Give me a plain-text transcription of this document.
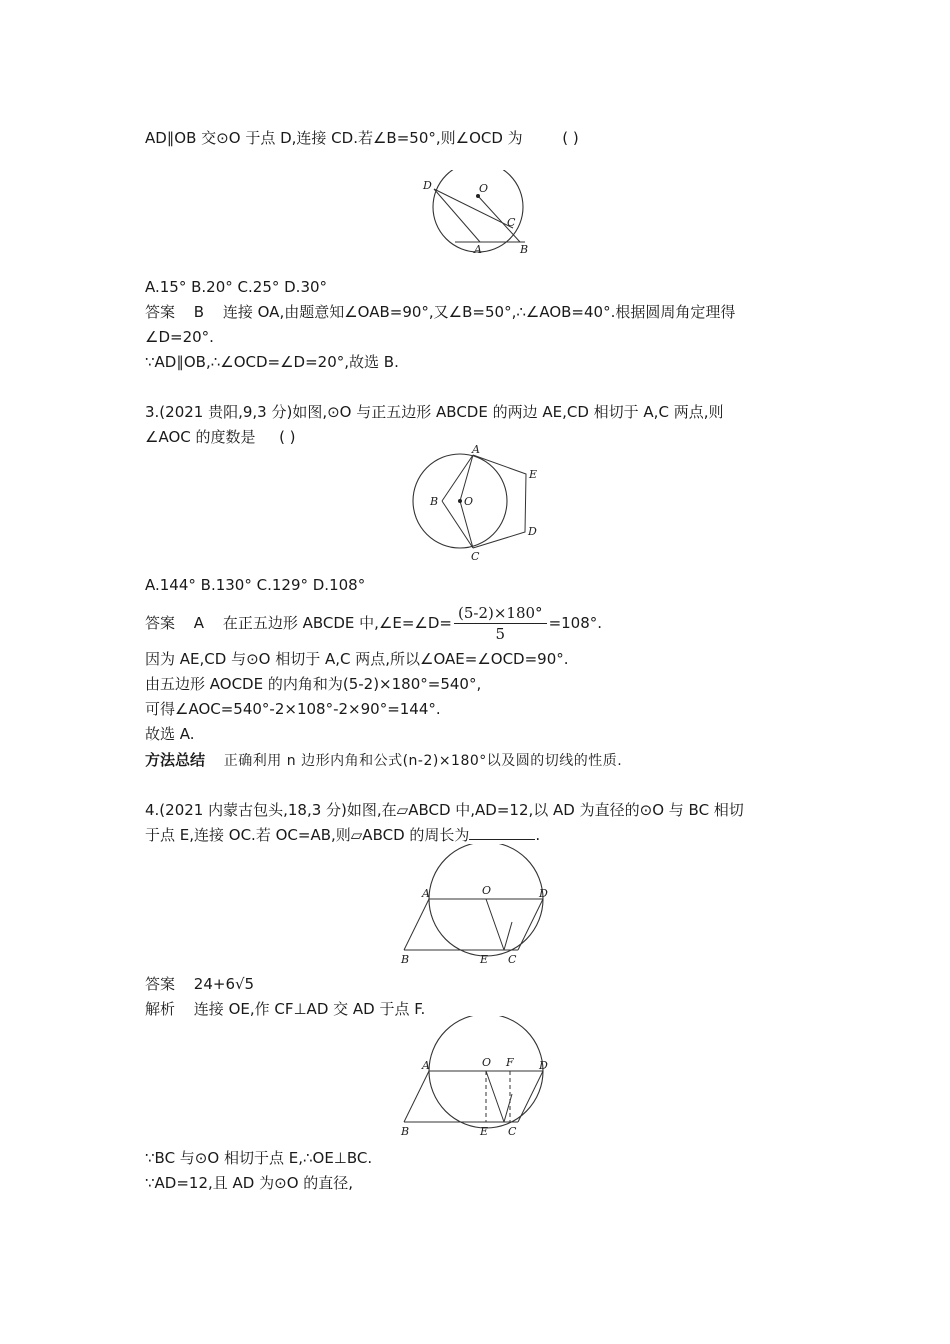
AD∥OB 交⊙O 于点 D,连接 CD.若∠B=50°,则∠OCD 为	( )
D	O
C
A	B
A.15° B.20° C.25° D.30°
答案 B 连接 OA,由题意知∠OAB=90°,又∠B=50°,∴∠AOB=40°.根据圆周角定理得
∠D=20°.
∵AD∥OB,∴∠OCD=∠D=20°,故选 B.
3.(2021 贵阳,9,3 分)如图,⊙O 与正五边形 ABCDE 的两边 AE,CD 相切于 A,C 两点,则
∠AOC 的度数是 ( )
A
B O
E
D
C
A.144° B.130° C.129° D.108°
答案 A 在正五边形 ABCDE 中,∠E=∠D= $\frac{(5-2)\times 180^\circ}{5} =108^\circ$.
因为 AE,CD 与⊙O 相切于 A,C 两点,所以∠OAE=∠OCD=90°.
由五边形 AOCDE 的内角和为(5-2)×180°=540°,
可得∠AOC=540°-2×108°-2×90°=144°.
故选 A.
方法总结 正确利用 n 边形内角和公式(n-2)×180°以及圆的切线的性质.
4.(2021 内蒙古包头,18,3 分)如图,在▱ABCD 中,AD=12,以 AD 为直径的⊙O 与 BC 相切
于点 E,连接 OC.若 OC=AB,则▱ABCD 的周长为	.
A	O	D
B	E C
答案 24+6√5
解析 连接 OE,作 CF⊥AD 交 AD 于点 F.
A	O F D
B	E C
∵BC 与⊙O 相切于点 E,∴OE⊥BC.
∵AD=12,且 AD 为⊙O 的直径,
